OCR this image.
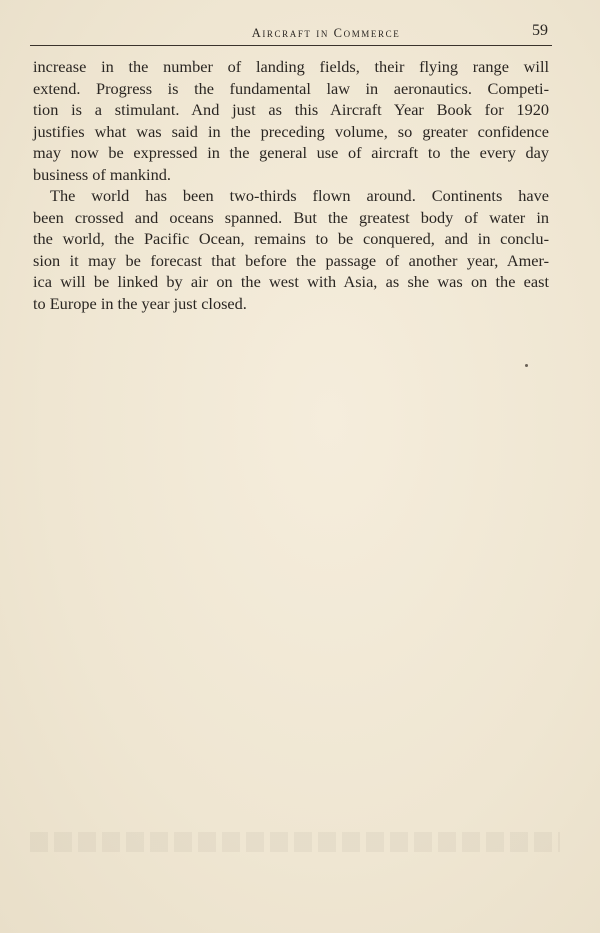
Aircraft in Commerce	59
increase in the number of landing fields, their flying range will
extend. Progress is the fundamental law in aeronautics. Competi-
tion is a stimulant. And just as this Aircraft Year Book for 1920
justifies what was said in the preceding volume, so greater confidence
may now be expressed in the general use of aircraft to the every day
business of mankind.
The world has been two-thirds flown around. Continents have
been crossed and oceans spanned. But the greatest body of water in
the world, the Pacific Ocean, remains to be conquered, and in conclu-
sion it may be forecast that before the passage of another year, Amer-
ica will be linked by air on the west with Asia, as she was on the east
to Europe in the year just closed.
